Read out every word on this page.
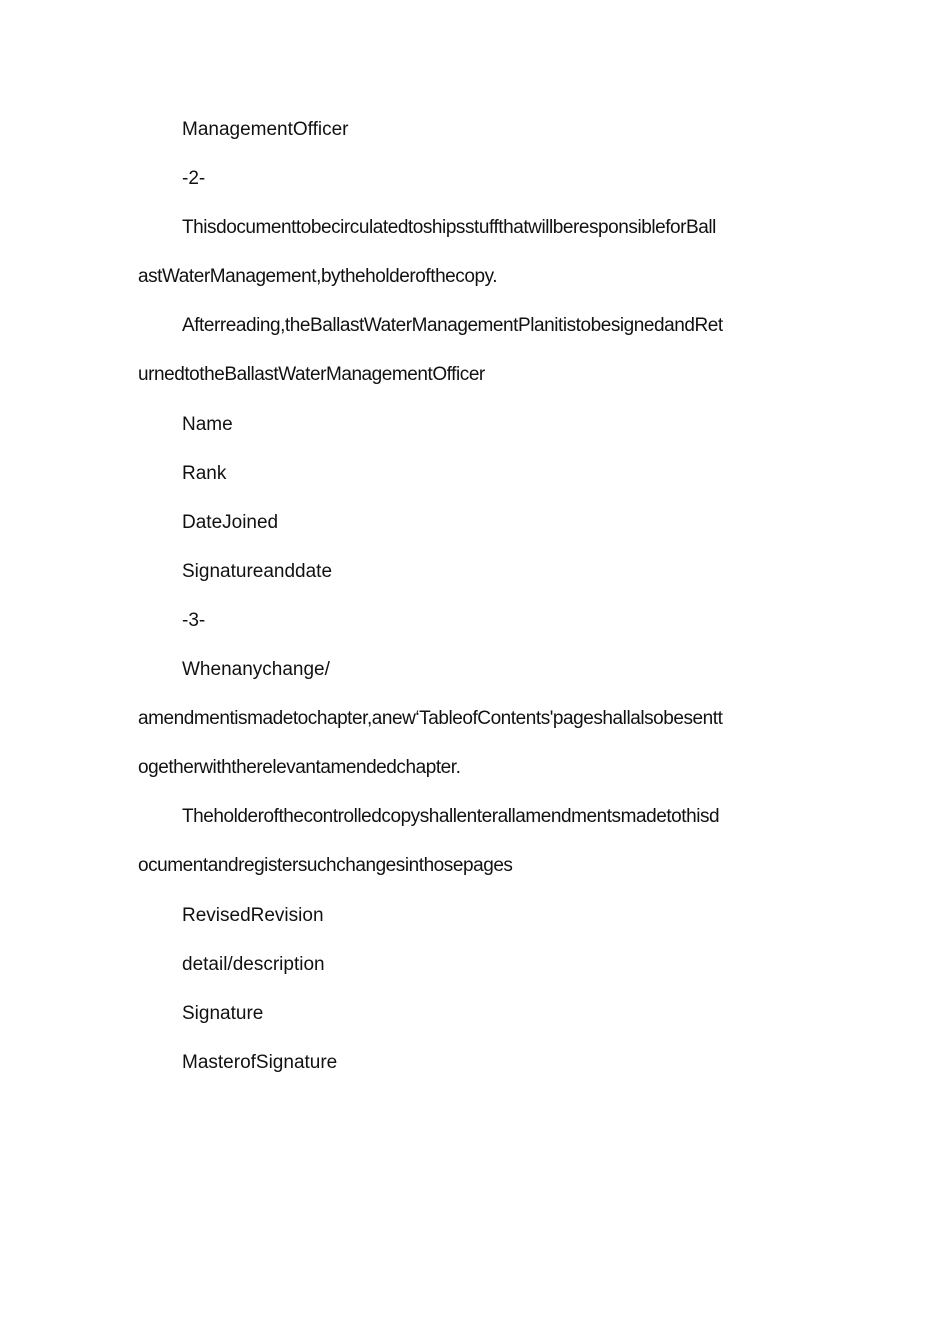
ManagementOfficer
-2-
ThisdocumenttobecirculatedtoshipsstuffthatwillberesponsibleforBall
astWaterManagement,bytheholderofthecopy.
Afterreading,theBallastWaterManagementPlanitistobesignedandRet
urnedtotheBallastWaterManagementOfficer
Name
Rank
DateJoined
Signatureanddate
-3-
Whenanychange/
amendmentismadetochapter,anew‘TableofContents'pageshallalsobesentt
ogetherwiththerelevantamendedchapter.
Theholderofthecontrolledcopyshallenterallamendmentsmadetothisd
ocumentandregistersuchchangesinthosepages
RevisedRevision
detail/description
Signature
MasterofSignature
